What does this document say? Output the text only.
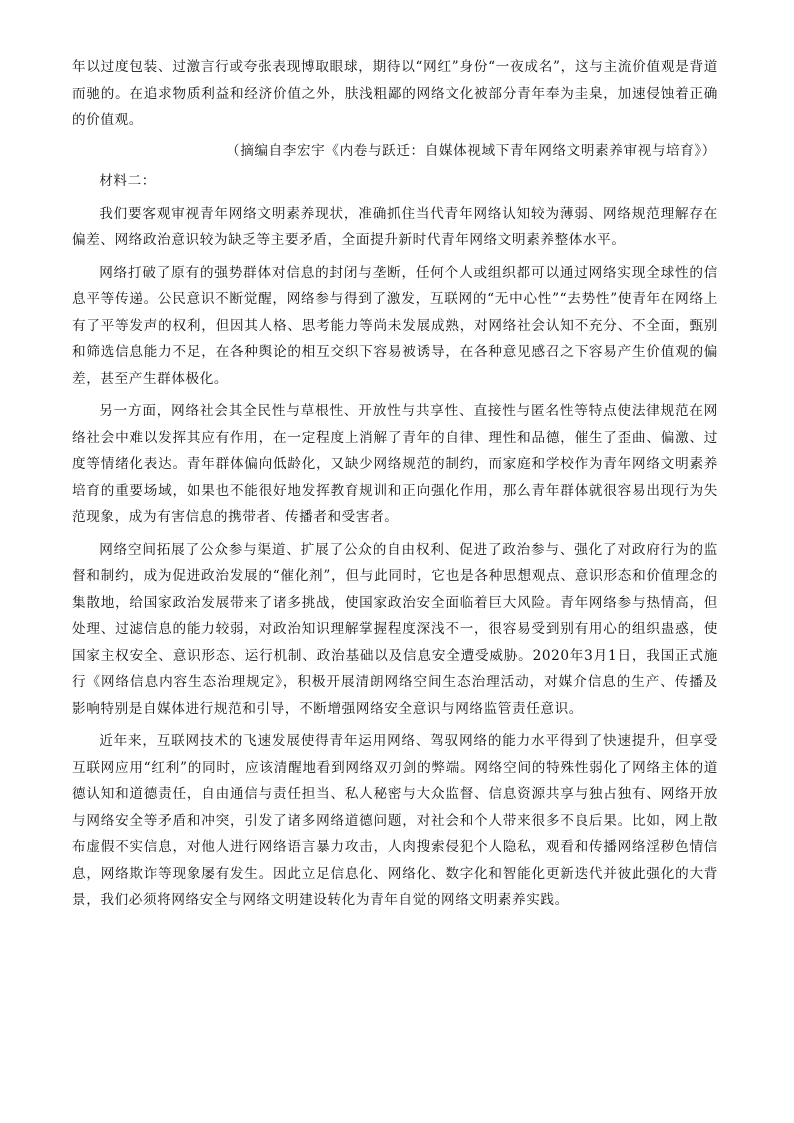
年以过度包装、过激言行或夸张表现博取眼球，期待以“网红”身份“一夜成名”，这与主流价值观是背道而驰的。在追求物质利益和经济价值之外，肤浅粗鄙的网络文化被部分青年奉为圭臬，加速侵蚀着正确的价值观。

（摘编自李宏宇《内卷与跃迁：自媒体视域下青年网络文明素养审视与培育》）

材料二：

我们要客观审视青年网络文明素养现状，准确抓住当代青年网络认知较为薄弱、网络规范理解存在偏差、网络政治意识较为缺乏等主要矛盾，全面提升新时代青年网络文明素养整体水平。

网络打破了原有的强势群体对信息的封闭与垄断，任何个人或组织都可以通过网络实现全球性的信息平等传递。公民意识不断觉醒，网络参与得到了激发，互联网的“无中心性”“去势性”使青年在网络上有了平等发声的权利，但因其人格、思考能力等尚未发展成熟，对网络社会认知不充分、不全面，甄别和筛选信息能力不足，在各种舆论的相互交织下容易被诱导，在各种意见感召之下容易产生价值观的偏差，甚至产生群体极化。

另一方面，网络社会其全民性与草根性、开放性与共享性、直接性与匿名性等特点使法律规范在网络社会中难以发挥其应有作用，在一定程度上消解了青年的自律、理性和品德，催生了歪曲、偏激、过度等情绪化表达。青年群体偏向低龄化，又缺少网络规范的制约，而家庭和学校作为青年网络文明素养培育的重要场域，如果也不能很好地发挥教育规训和正向强化作用，那么青年群体就很容易出现行为失范现象，成为有害信息的携带者、传播者和受害者。

网络空间拓展了公众参与渠道、扩展了公众的自由权利、促进了政治参与、强化了对政府行为的监督和制约，成为促进政治发展的“催化剂”，但与此同时，它也是各种思想观点、意识形态和价值理念的集散地，给国家政治发展带来了诸多挑战，使国家政治安全面临着巨大风险。青年网络参与热情高，但处理、过滤信息的能力较弱，对政治知识理解掌握程度深浅不一，很容易受到别有用心的组织蛊惑，使国家主权安全、意识形态、运行机制、政治基础以及信息安全遭受威胁。2020年3月1日，我国正式施行《网络信息内容生态治理规定》，积极开展清朗网络空间生态治理活动，对媒介信息的生产、传播及影响特别是自媒体进行规范和引导，不断增强网络安全意识与网络监管责任意识。

近年来，互联网技术的飞速发展使得青年运用网络、驾驭网络的能力水平得到了快速提升，但享受互联网应用“红利”的同时，应该清醒地看到网络双刃剑的弊端。网络空间的特殊性弱化了网络主体的道德认知和道德责任，自由通信与责任担当、私人秘密与大众监督、信息资源共享与独占独有、网络开放与网络安全等矛盾和冲突，引发了诸多网络道德问题，对社会和个人带来很多不良后果。比如，网上散布虚假不实信息，对他人进行网络语言暴力攻击，人肉搜索侵犯个人隐私，观看和传播网络淫秽色情信息，网络欺诈等现象屡有发生。因此立足信息化、网络化、数字化和智能化更新迭代并彼此强化的大背景，我们必须将网络安全与网络文明建设转化为青年自觉的网络文明素养实践。
